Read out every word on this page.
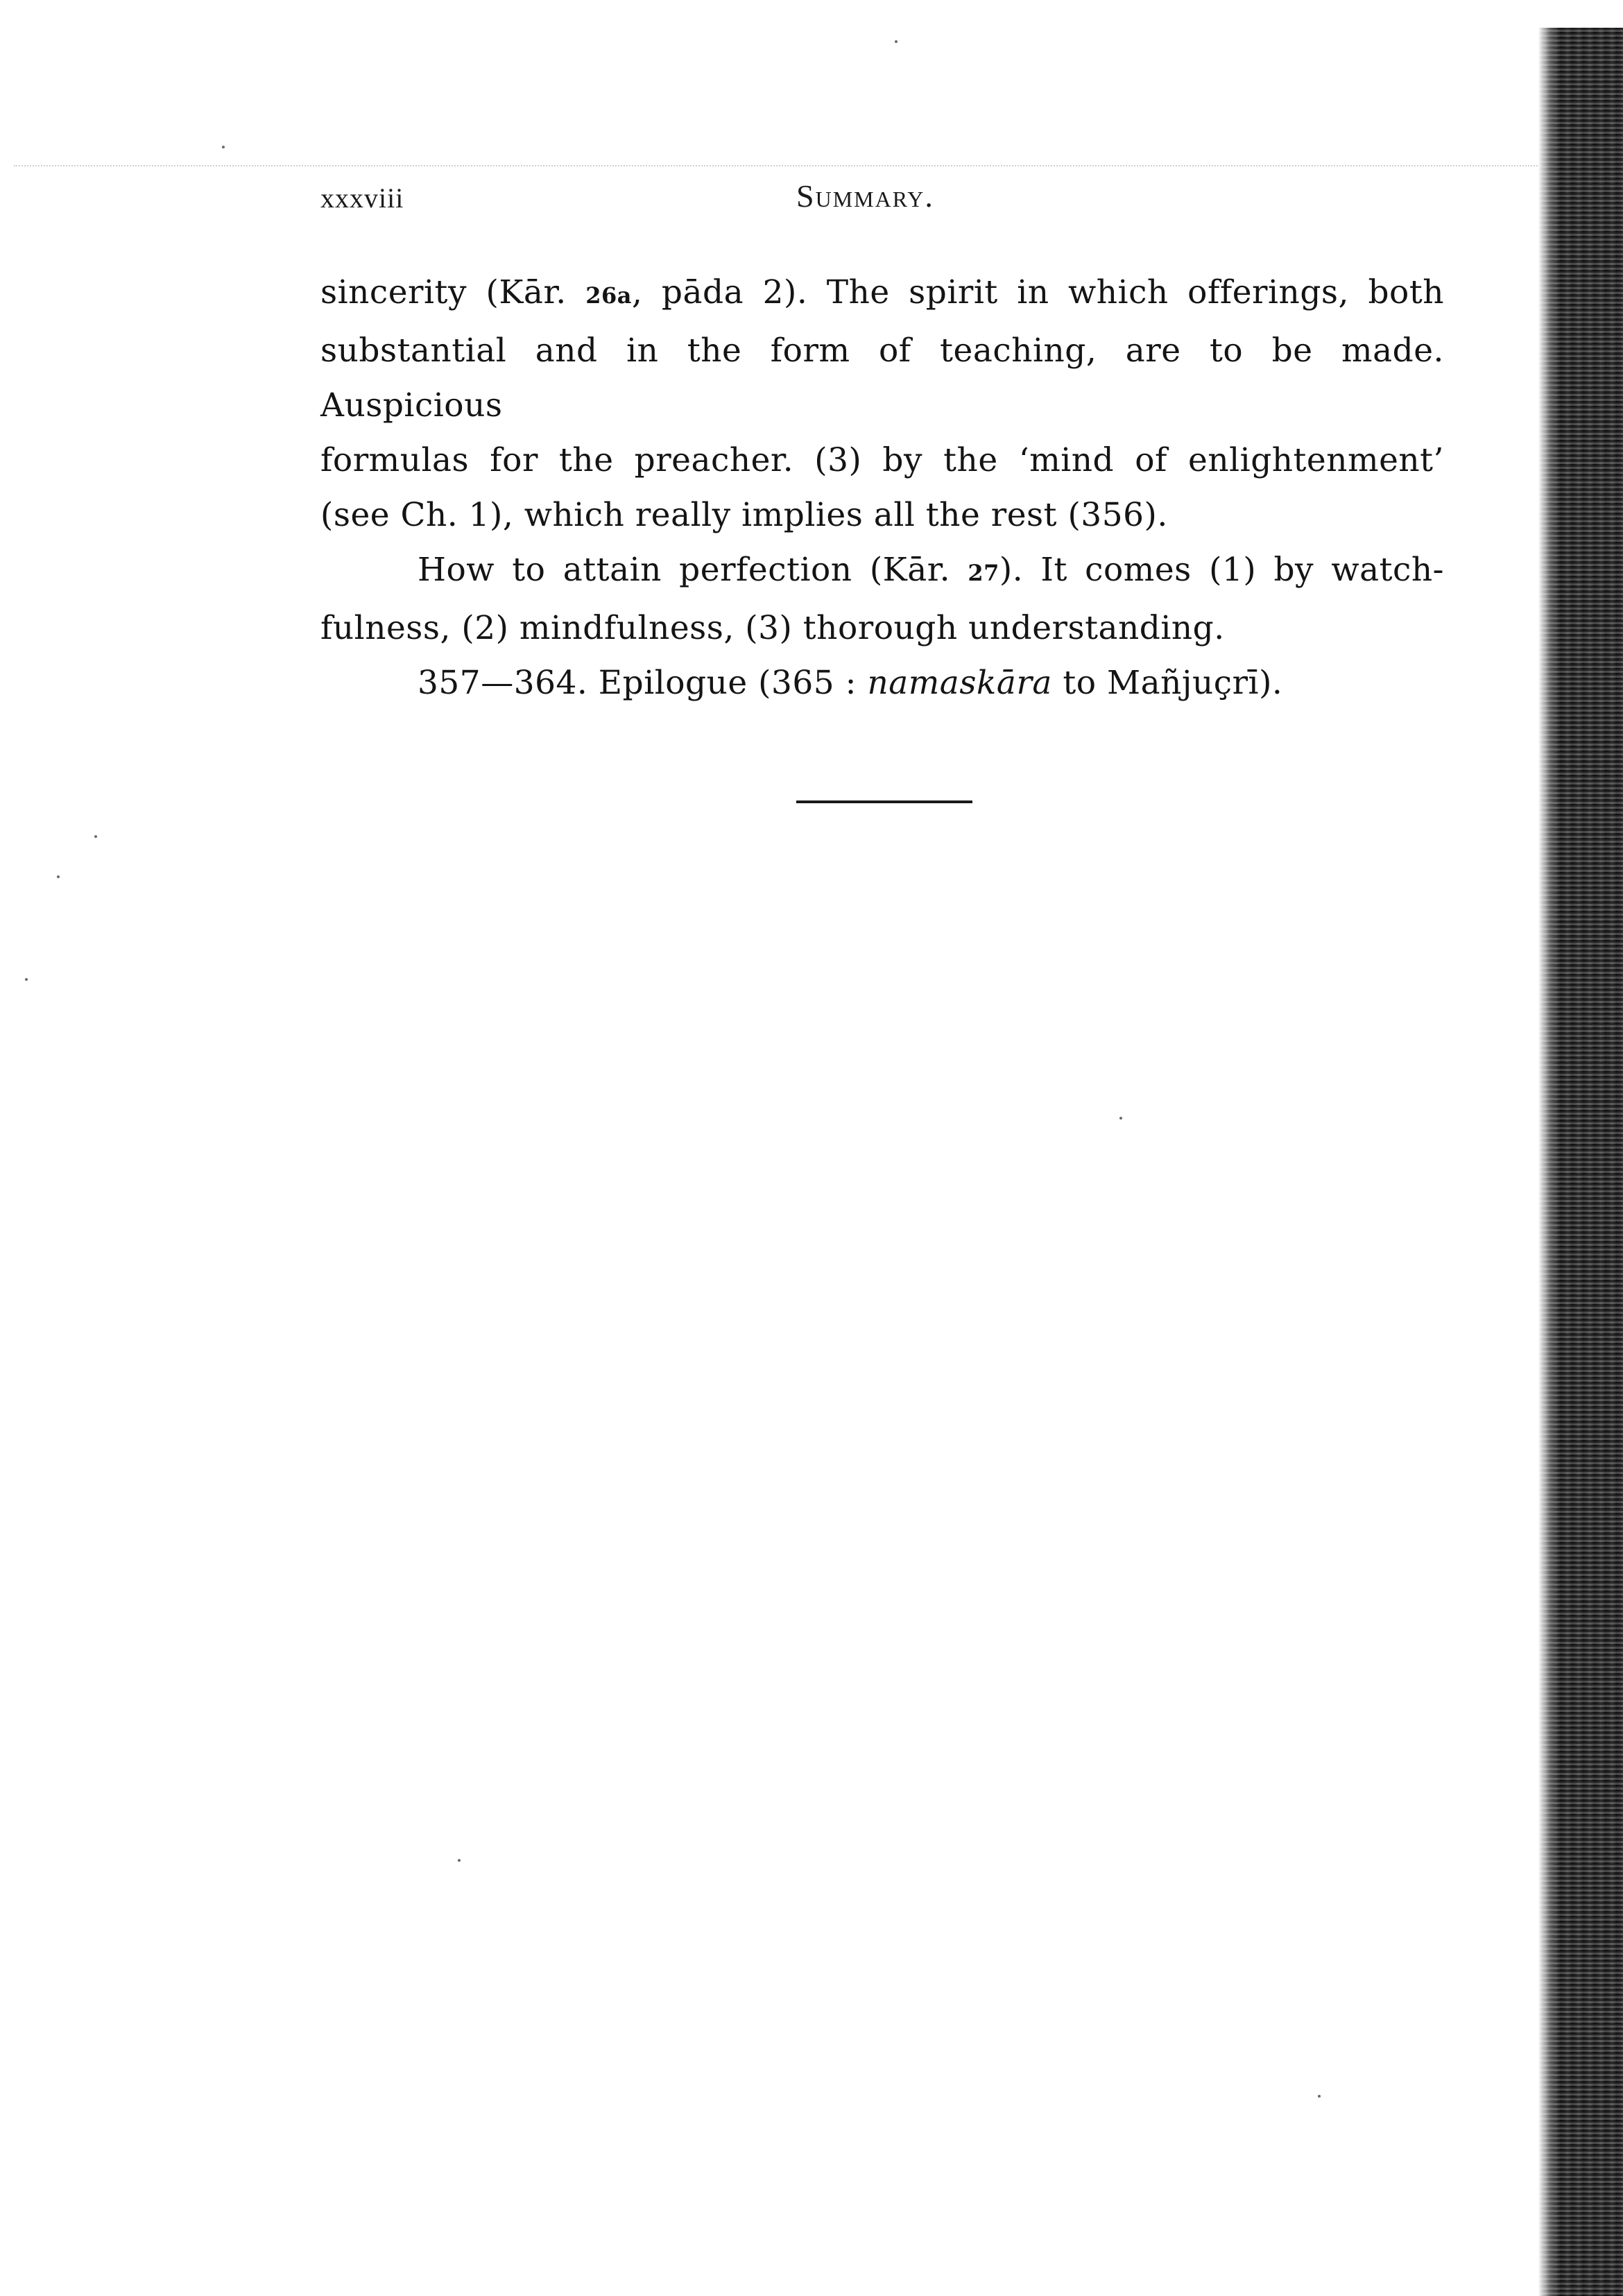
xxxviii	Summary.

sincerity (Kār. 26a, pāda 2). The spirit in which offerings, both
substantial and in the form of teaching, are to be made. Auspicious
formulas for the preacher. (3) by the ‘mind of enlightenment’
(see Ch. 1), which really implies all the rest (356).

How to attain perfection (Kār. 27). It comes (1) by watch-
fulness, (2) mindfulness, (3) thorough understanding.

357—364. Epilogue (365 : namaskāra to Mañjuçrī).
